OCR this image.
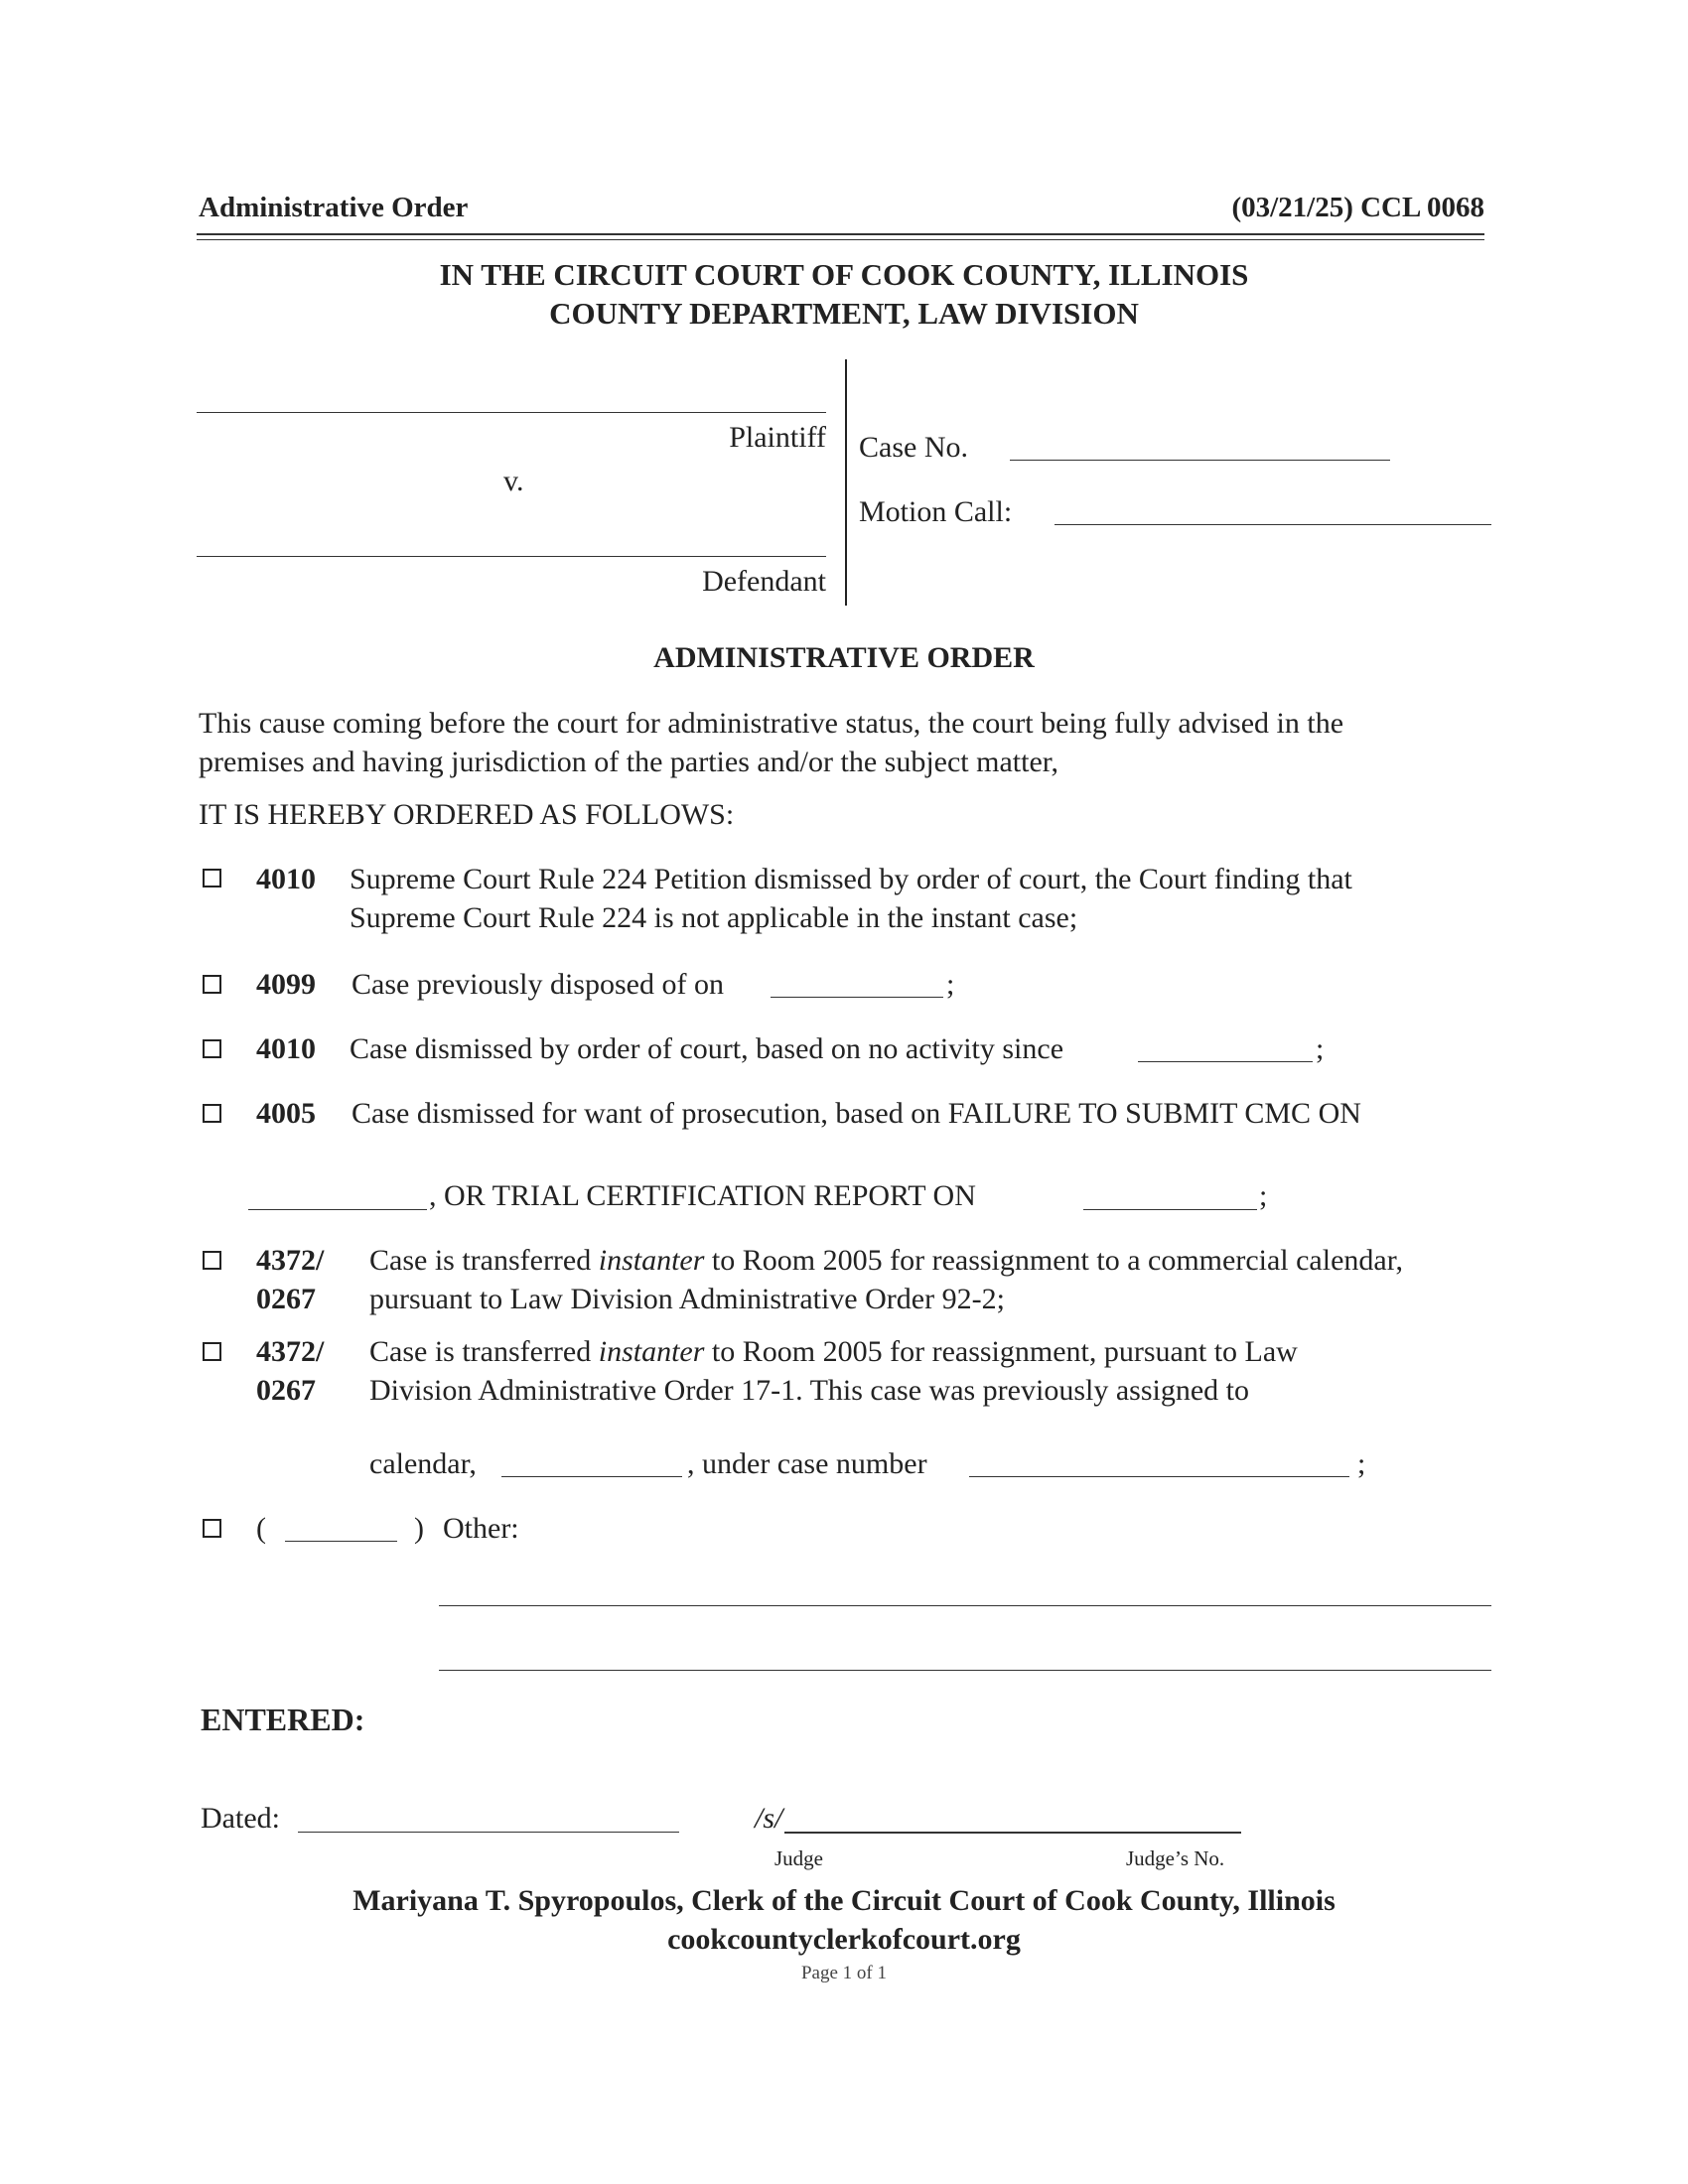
Administrative Order	(03/21/25) CCL 0068
IN THE CIRCUIT COURT OF COOK COUNTY, ILLINOIS
COUNTY DEPARTMENT, LAW DIVISION
Plaintiff
v.
Defendant
Case No.
Motion Call:
ADMINISTRATIVE ORDER
This cause coming before the court for administrative status, the court being fully advised in the
premises and having jurisdiction of the parties and/or the subject matter,
IT IS HEREBY ORDERED AS FOLLOWS:
4010 Supreme Court Rule 224 Petition dismissed by order of court, the Court finding that
Supreme Court Rule 224 is not applicable in the instant case;
4099 Case previously disposed of on	;
4010 Case dismissed by order of court, based on no activity since	;
4005 Case dismissed for want of prosecution, based on FAILURE TO SUBMIT CMC ON
, OR TRIAL CERTIFICATION REPORT ON	;
4372/
0267
Case is transferred instanter to Room 2005 for reassignment to a commercial calendar,
pursuant to Law Division Administrative Order 92-2;
4372/
0267
Case is transferred instanter to Room 2005 for reassignment, pursuant to Law
Division Administrative Order 17-1. This case was previously assigned to
calendar,	, under case number	;
(	) Other:
ENTERED:
Dated:	/s/
Judge	Judge’s No.
Mariyana T. Spyropoulos, Clerk of the Circuit Court of Cook County, Illinois
cookcountyclerkofcourt.org
Page 1 of 1
